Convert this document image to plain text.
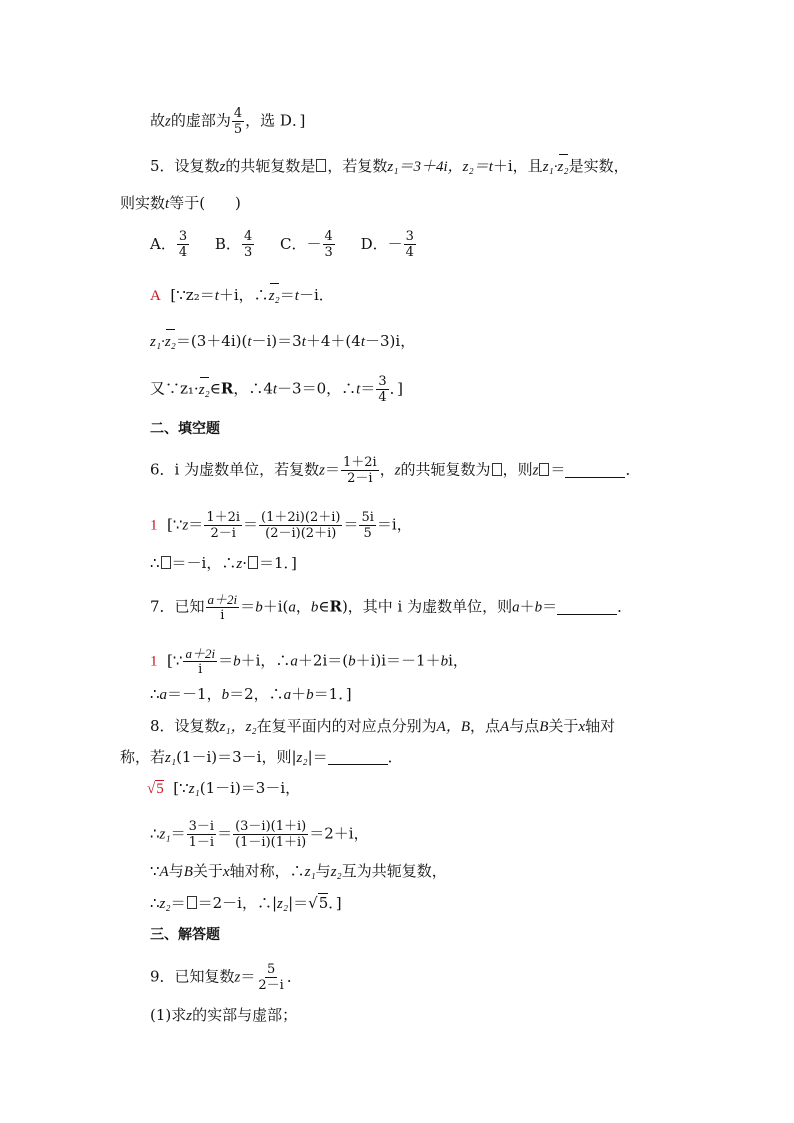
故z的虚部为 $\frac{4}{5}$ ，选 D．]
5．设复数z的共轭复数是 ，若复数z₁＝3＋4i，z₂＝t＋i，且z₁·z₂是实数，
则实数t等于(　　)
A． $\frac{3}{4}$ B． $\frac{4}{3}$ C．－ $\frac{4}{3}$ D．－ $\frac{3}{4}$
A [∵z₂＝t＋i，∴z₂＝t－i．
z₁·z₂＝(3＋4i)(t－i)＝3t＋4＋(4t－3)i，
又∵z₁·z₂∈R，∴4t－3＝0，∴t＝ $\frac{3}{4}$ ．]
二、填空题
6．i 为虚数单位，若复数$z= \frac{1+2i}{2-i}$ ，z的共轭复数为 ，则z ＝	．
1 [∵z＝ $\frac{1+2i}{2-i} = \frac{(1+2i)(2+i)}{(2-i)(2+i)} = \frac{5i}{5} =i$，
∴ ＝－i，∴z· ＝1．]
7．已知 $\frac{a+2i}{i} =b+i(a$，b∈R)，其中 i 为虚数单位，则a＋b＝	．
1 [∵ $\frac{a+2i}{i} =b+i$，∴a＋2i＝(b＋i)i＝－1＋bi，
∴a＝－1，b＝2，∴a＋b＝1．]
8．设复数z₁，z₂在复平面内的对应点分别为A，B，点A与点B关于x轴对
称，若z₁(1－i)＝3－i，则|z₂|＝	．
√5 [∵z₁(1－i)＝3－i，
∴z₁＝ $\frac{3-i}{1-i} = \frac{(3-i)(1+i)}{(1-i)(1+i)} =2+i$，
∵A与B关于x轴对称，∴z₁与z₂互为共轭复数，
∴z₂＝ ＝2－i，∴|z₂|＝√5．]
三、解答题
9．已知复数$z= \frac{5}{2-i}$ ．
(1)求z的实部与虚部；
